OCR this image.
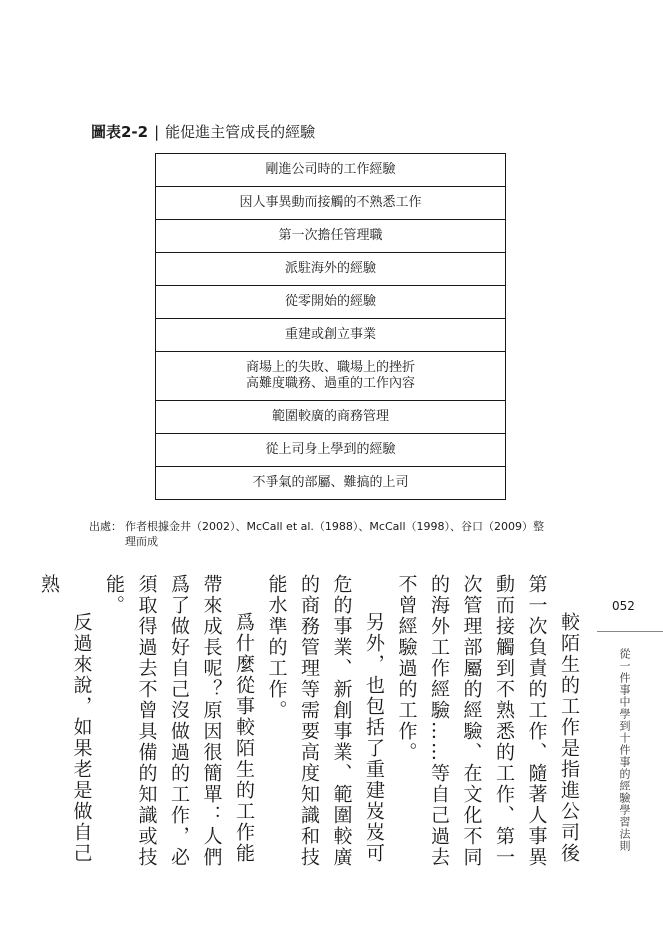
圖表2-2 | 能促進主管成長的經驗
剛進公司時的工作經驗
因人事異動而接觸的不熟悉工作
第一次擔任管理職
派駐海外的經驗
從零開始的經驗
重建或創立事業
商場上的失敗、職場上的挫折
高難度職務、過重的工作內容
範圍較廣的商務管理
從上司身上學到的經驗
不爭氣的部屬、難搞的上司
出處： 作者根據金井（2002）、McCall et al.（1988）、McCall（1998）、谷口（2009）整
理而成
052
從一件事中學到十件事的經驗學習法則

較陌生的工作是指進公司後第一次負責的工作、隨著人事異動而接觸到不熟悉的工作、第一次管理部屬的經驗、在文化不同的海外工作經驗……等自己過去不曾經驗過的工作。

另外，也包括了重建岌岌可危的事業、新創事業、範圍較廣的商務管理等需要高度知識和技能水準的工作。

爲什麼從事較陌生的工作能帶來成長呢？原因很簡單：人們爲了做好自己沒做過的工作，必須取得過去不曾具備的知識或技能。

反過來說，如果老是做自己熟
